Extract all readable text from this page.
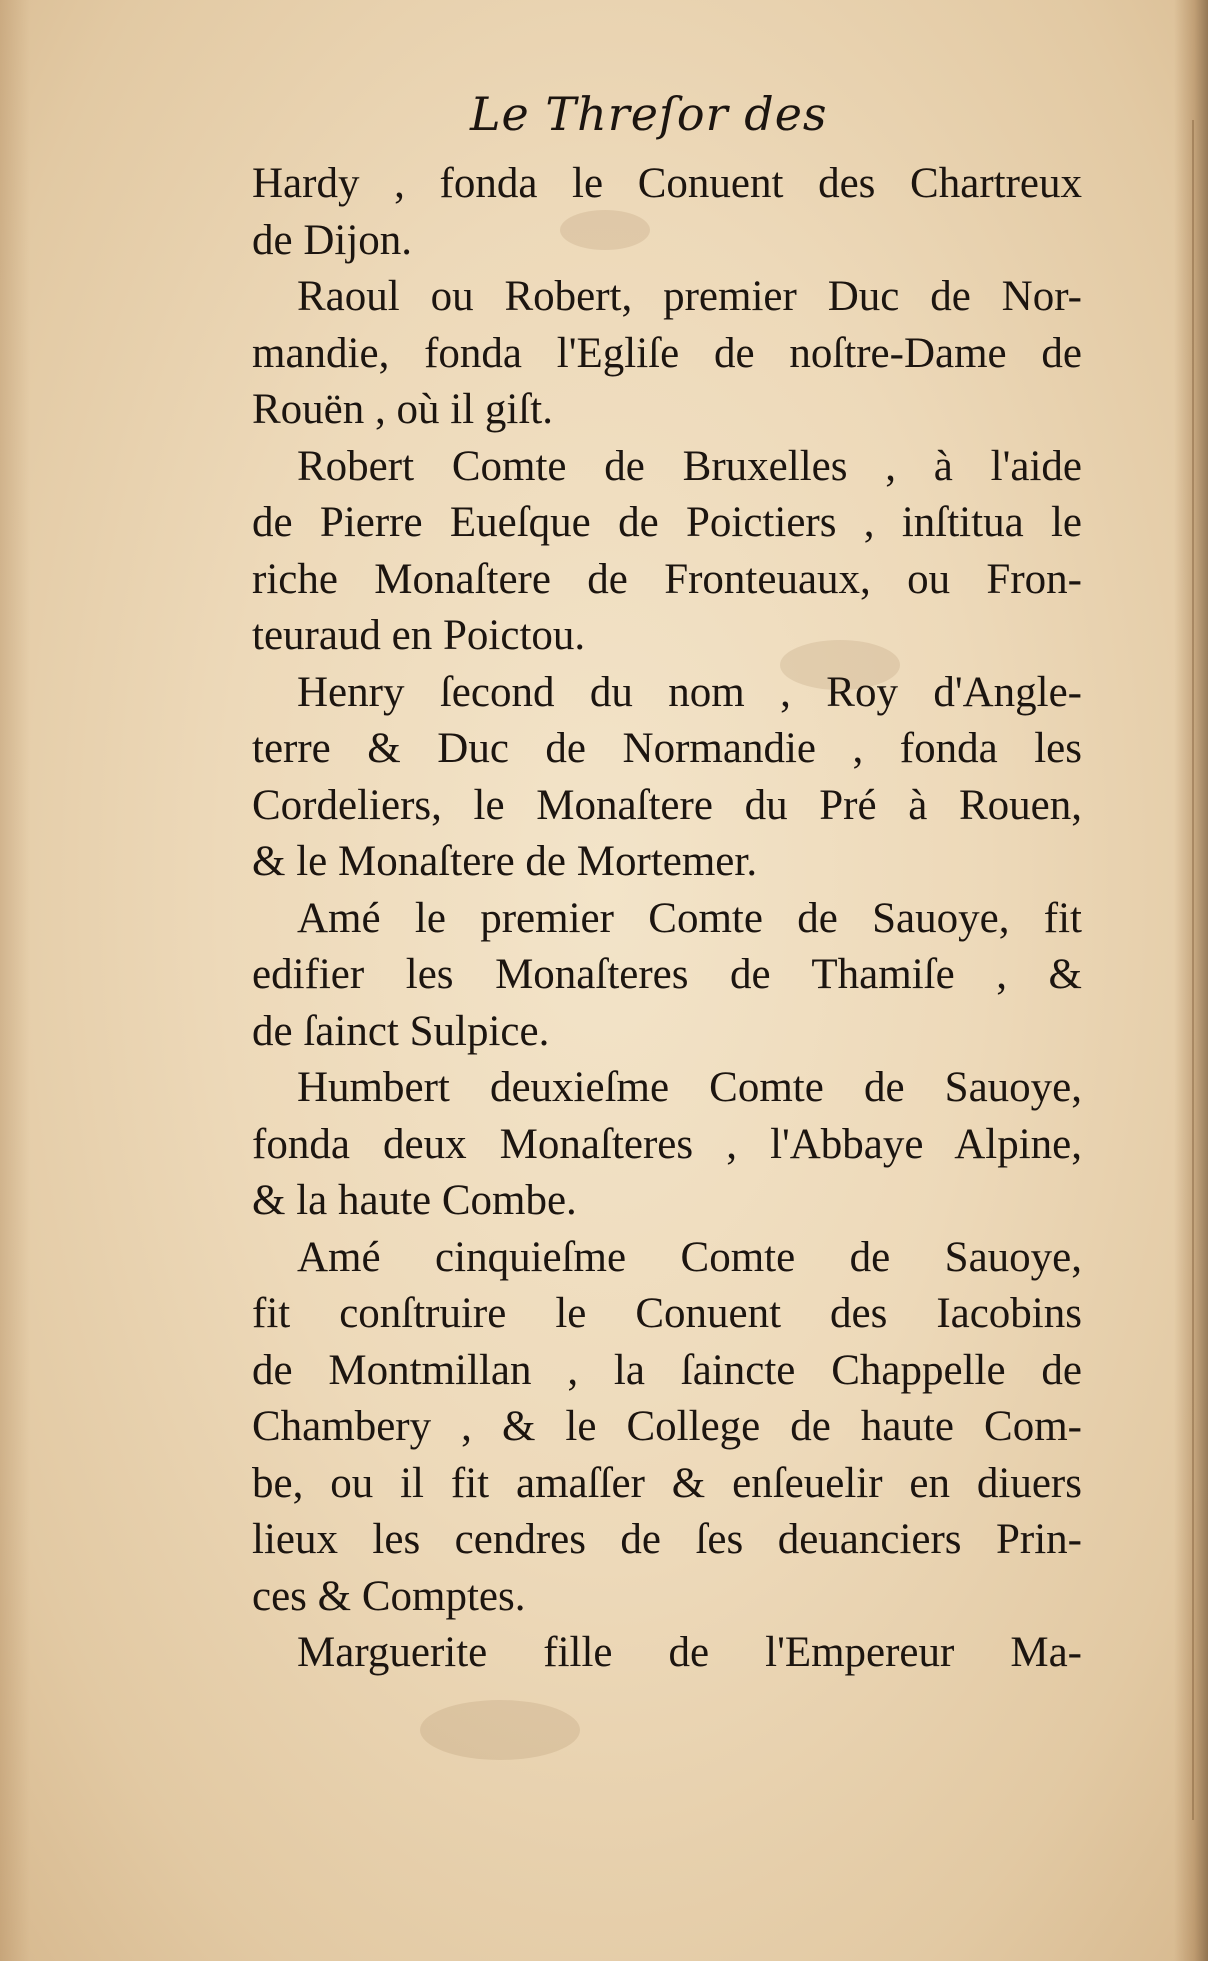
Le Threſor des
Hardy , fonda le Conuent des Chartreux
de Dijon.
Raoul ou Robert, premier Duc de Nor-
mandie, fonda l'Egliſe de noſtre-Dame de
Rouën , où il giſt.
Robert Comte de Bruxelles , à l'aide
de Pierre Eueſque de Poictiers , inſtitua le
riche Monaſtere de Fronteuaux, ou Fron-
teuraud en Poictou.
Henry ſecond du nom , Roy d'Angle-
terre & Duc de Normandie , fonda les
Cordeliers, le Monaſtere du Pré à Rouen,
& le Monaſtere de Mortemer.
Amé le premier Comte de Sauoye, fit
edifier les Monaſteres de Thamiſe , &
de ſainct Sulpice.
Humbert deuxieſme Comte de Sauoye,
fonda deux Monaſteres , l'Abbaye Alpine,
& la haute Combe.
Amé cinquieſme Comte de Sauoye,
fit conſtruire le Conuent des Iacobins
de Montmillan , la ſaincte Chappelle de
Chambery , & le College de haute Com-
be, ou il fit amaſſer & enſeuelir en diuers
lieux les cendres de ſes deuanciers Prin-
ces & Comptes.
Marguerite fille de l'Empereur Ma-
